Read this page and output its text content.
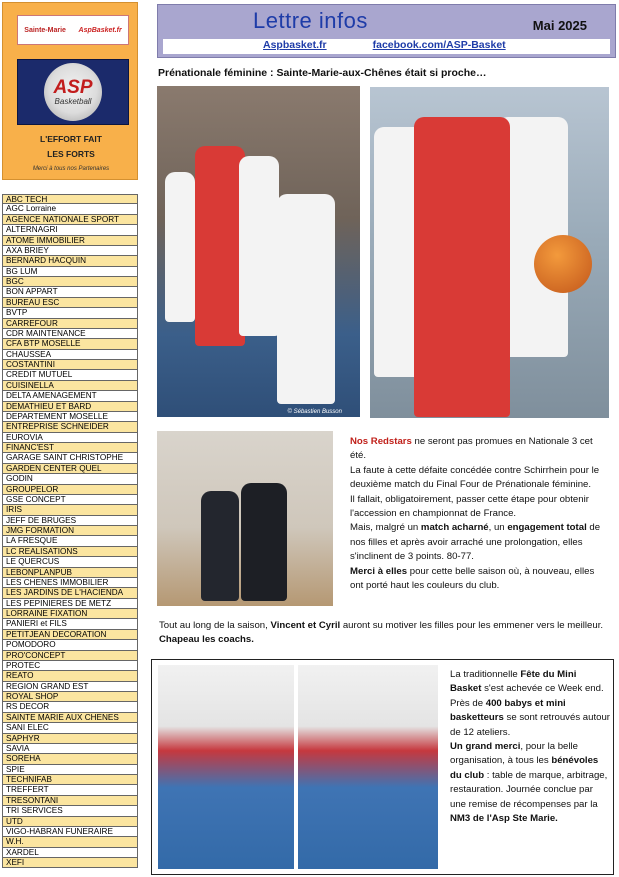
Sainte-Marie AspBasket.fr
ASP
Basketball
L'EFFORT FAIT
LES FORTS
Merci à tous nos Partenaires
ABC TECH
AGC Lorraine
AGENCE NATIONALE SPORT
ALTERNAGRI
ATOME IMMOBILIER
AXA BRIEY
BERNARD HACQUIN
BG LUM
BGC
BON APPART
BUREAU ESC
BVTP
CARREFOUR
CDR MAINTENANCE
CFA BTP MOSELLE
CHAUSSEA
COSTANTINI
CREDIT MUTUEL
CUISINELLA
DELTA AMENAGEMENT
DEMATHIEU ET BARD
DEPARTEMENT MOSELLE
ENTREPRISE SCHNEIDER
EUROVIA
FINANC'EST
GARAGE SAINT CHRISTOPHE
GARDEN CENTER QUEL
GODIN
GROUPELOR
GSE CONCEPT
IRIS
JEFF DE BRUGES
JMG FORMATION
LA FRESQUE
LC REALISATIONS
LE QUERCUS
LEBONPLANPUB
LES CHENES IMMOBILIER
LES JARDINS DE L'HACIENDA
LES PEPINIERES DE METZ
LORRAINE FIXATION
PANIERI et FILS
PETITJEAN DECORATION
POMODORO
PRO'CONCEPT
PROTEC
REATO
REGION GRAND EST
ROYAL SHOP
RS DECOR
SAINTE MARIE AUX CHENES
SANI ELEC
SAPHYR
SAVIA
SOREHA
SPIE
TECHNIFAB
TREFFERT
TRESONTANI
TRI SERVICES
UTD
VIGO-HABRAN FUNERAIRE
W.H.
XARDEL
XEFI
Lettre infos	Mai 2025
Aspbasket.fr	facebook.com/ASP-Basket
Prénationale féminine : Sainte-Marie-aux-Chênes était si proche…
© Sébastien Busson

Nos Redstars ne seront pas promues en Nationale 3 cet été.

La faute à cette défaite concédée contre Schirrhein pour le deuxième match du Final Four de Prénationale féminine.

Il fallait, obligatoirement, passer cette étape pour obtenir l'accession en championnat de France.

Mais, malgré un match acharné, un engagement total de nos filles et après avoir arraché une prolongation, elles s'inclinent de 3 points. 80-77.

Merci à elles pour cette belle saison où, à nouveau, elles ont porté haut les couleurs du club.

Tout au long de la saison, Vincent et Cyril auront su motiver les filles pour les emmener vers le meilleur. Chapeau les coachs.
La traditionnelle Fête du Mini Basket s'est achevée ce Week end. Près de 400 babys et mini basketteurs se sont retrouvés autour de 12 ateliers.
Un grand merci, pour la belle organisation, à tous les bénévoles du club : table de marque, arbitrage, restauration. Journée conclue par une remise de récompenses par la NM3 de l'Asp Ste Marie.
